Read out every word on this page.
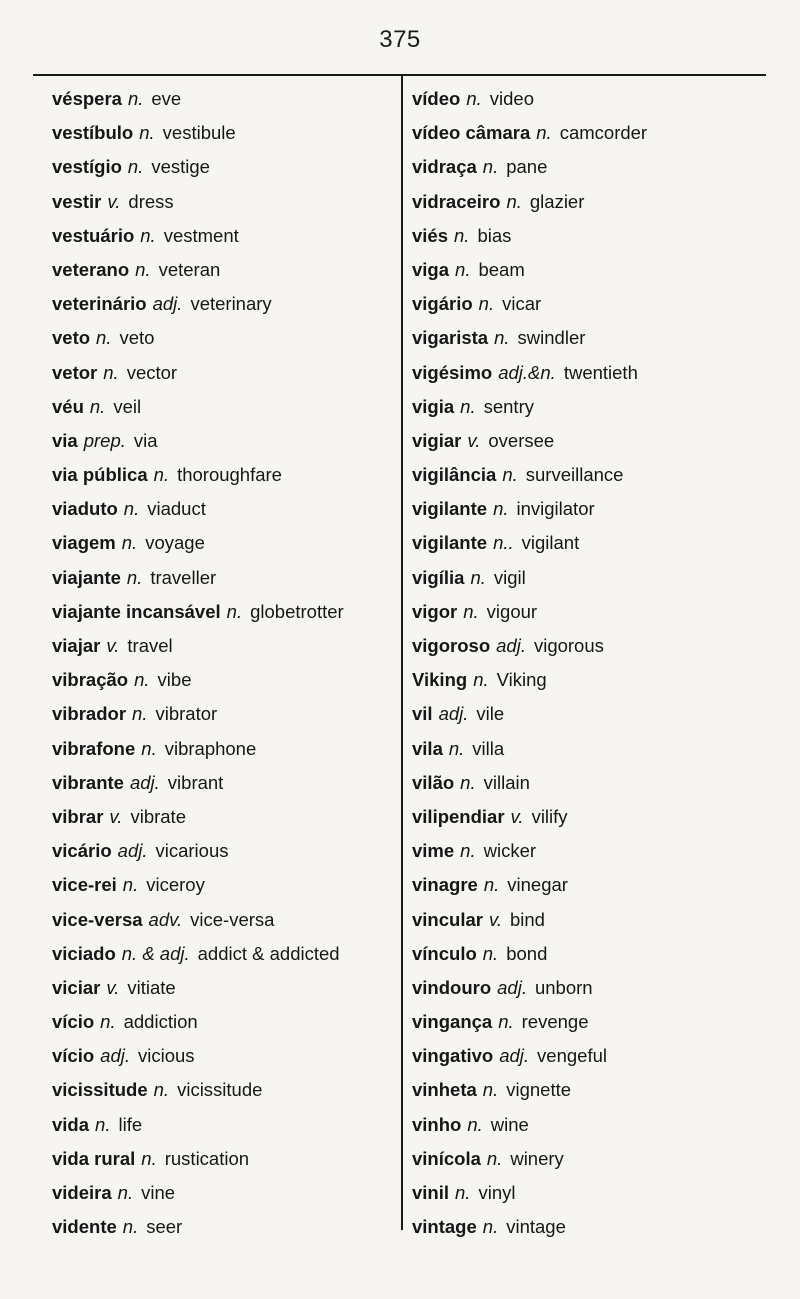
375
véspera n. eve
vestíbulo n. vestibule
vestígio n. vestige
vestir v. dress
vestuário n. vestment
veterano n. veteran
veterinário adj. veterinary
veto n. veto
vetor n. vector
véu n. veil
via prep. via
via pública n. thoroughfare
viaduto n. viaduct
viagem n. voyage
viajante n. traveller
viajante incansável n. globetrotter
viajar v. travel
vibração n. vibe
vibrador n. vibrator
vibrafone n. vibraphone
vibrante adj. vibrant
vibrar v. vibrate
vicário adj. vicarious
vice-rei n. viceroy
vice-versa adv. vice-versa
viciado n. & adj. addict & addicted
viciar v. vitiate
vício n. addiction
vício adj. vicious
vicissitude n. vicissitude
vida n. life
vida rural n. rustication
videira n. vine
vidente n. seer
vídeo n. video
vídeo câmara n. camcorder
vidraça n. pane
vidraceiro n. glazier
viés n. bias
viga n. beam
vigário n. vicar
vigarista n. swindler
vigésimo adj.&n. twentieth
vigia n. sentry
vigiar v. oversee
vigilância n. surveillance
vigilante n. invigilator
vigilante n.. vigilant
vigília n. vigil
vigor n. vigour
vigoroso adj. vigorous
Viking n. Viking
vil adj. vile
vila n. villa
vilão n. villain
vilipendiar v. vilify
vime n. wicker
vinagre n. vinegar
vincular v. bind
vínculo n. bond
vindouro adj. unborn
vingança n. revenge
vingativo adj. vengeful
vinheta n. vignette
vinho n. wine
vinícola n. winery
vinil n. vinyl
vintage n. vintage
